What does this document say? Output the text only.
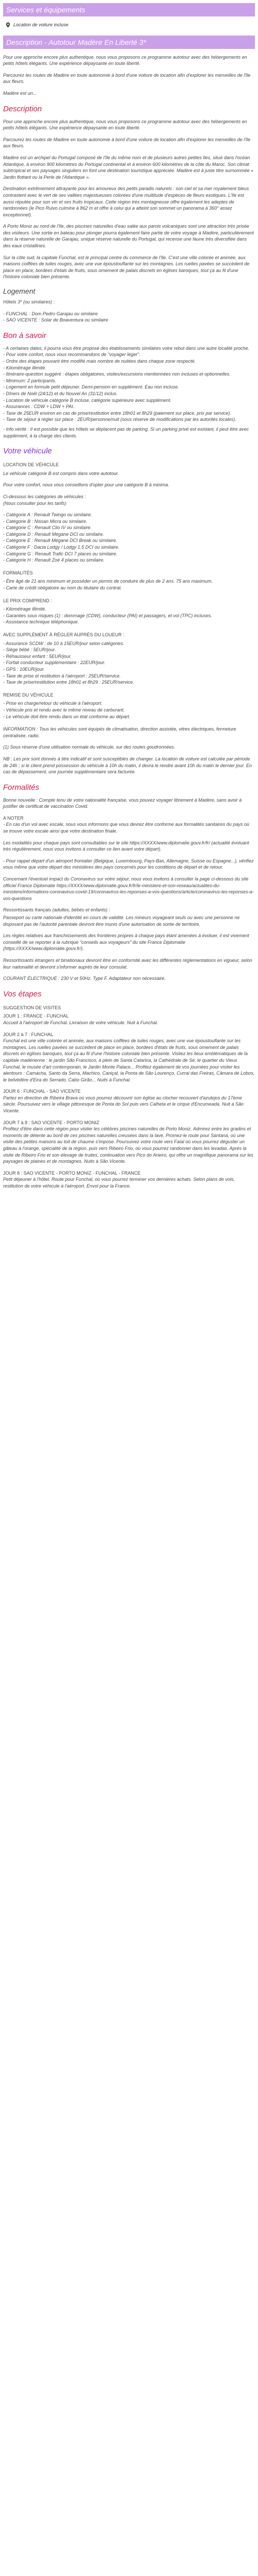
Services et équipements
Location de voiture incluse
Description - Autotour Madère En Liberté 3*

Pour une approche encore plus authentique, nous vous proposons ce programme autotour avec des hébergements en petits hôtels élégants. Une expérience dépaysante en toute liberté.

Parcourez les routes de Madère en toute autonomie à bord d'une voiture de location afin d'explorer les merveilles de l'île aux fleurs.

Madère est un...

Description

Pour une approche encore plus authentique, nous vous proposons ce programme autotour avec des hébergements en petits hôtels élégants. Une expérience dépaysante en toute liberté.

Parcourez les routes de Madère en toute autonomie à bord d'une voiture de location afin d'explorer les merveilles de l'île aux fleurs.

Madère est un archipel du Portugal composé de l'île du même nom et de plusieurs autres petites îles, situé dans l'océan Atlantique, à environ 900 kilomètres du Portugal continental et à environ 600 kilomètres de la côte du Maroc. Son climat subtropical et ses paysages singuliers en font une destination touristique appréciée. Madère est à juste titre surnommée « Jardin flottant ou la Perle de l'Atlantique ».

Destination extrêmement attrayante pour les amoureux des petits paradis naturels : son ciel et sa mer royalement bleus contrastent avec le vert de ses vallées majestueuses colorées d'une multitude d'espèces de fleurs exotiques. L'île est aussi réputée pour son vin et ses fruits tropicaux. Cette région très montagneuse offre également les adeptes de randonnées (le Pico Ruivo culmine à 862 m et offre à celui qui a atteint son sommet un panorama à 360° assez exceptionnel).

A Porto Moniz au nord de l'île, des piscines naturelles d'eau salée aux parois volcaniques sont une attraction très prisée des visiteurs. Une sortie en bateau pour plonger pourra également faire partie de votre voyage à Madère, particulièrement dans la réserve naturelle de Garajau, unique réserve naturelle du Portugal, qui recense une faune très diversifiée dans des eaux cristallines.

Sur la côte sud, la capitale Funchal, est le principal centre du commerce de l'île. C'est une ville colorée et animée, aux maisons coiffées de tuiles rouges, avec une vue époustouflante sur les montagnes. Les ruelles pavées se succèdent de place en place, bordées d'étals de fruits, sous ornement de palais discrets en églises baroques, tout ça au fil d'une l'histoire coloniale bien présente.

Logement

Hôtels 3* (ou similaires) :

- FUNCHAL : Dom Pedro Garajau ou similaire
- SAO VICENTE : Solar de Boaventura ou similaire
Bon à savoir
- A certaines dates, il pourra vous être proposé des établissements similaires votre rebut dans une autre localité proche.
- Pour votre confort, nous vous recommandons de "voyager léger".
- Ordre des étapes pouvant être modifié mais nombre de nuitées dans chaque zone respecté.
- Kilométrage illimité.
- Itinéraire-question suggéré : étapes obligatoires, visites/excursions mentionnées non incluses et optionnelles.
- Minimum: 2 participants.
- Logement en formule petit déjeuner. Demi-pension en supplément. Eau non incluse.
- Dîners de Noël (24/12) et du Nouvel An (31/12) inclus.
- Location de véhicule catégorie B incluse, catégorie supérieure avec supplément.
- Assurances : CDW + LDW + PAI.
- Taxe de 25EUR environ en cas de prise/restitution entre 18h01 et 8h29 (paiement sur place, prix par service).
- Taxe de séjour à régler sur place : 2EUR/personne/nuit (sous réserve de modifications par les autorités locales).
- Info vérité : Il est possible que les hôtels se déplacent pas de parking. Si un parking privé est existant, il peut être avec supplément, à la charge des clients.
Votre véhicule

LOCATION DE VÉHICULE

Le véhicule catégorie B est compris dans votre autotour.

Pour votre confort, nous vous conseillons d'opter pour une catégorie B à minima.

Ci-dessous les catégories de véhicules :

(Nous consulter pour les tarifs)

- Catégorie A : Renault Twingo ou similaire.
- Catégorie B : Nissan Micra ou similaire.
- Catégorie C : Renault Clio IV ou similaire.
- Catégorie D : Renault Mégane DCI ou similaire.
- Catégorie E : Renault Mégane DCI Break ou similaire.
- Catégorie F : Dacia Lodgy / Lodgy 1.5 DCI ou similaire.
- Catégorie G : Renault Trafic DCI 7 places ou similaire.
- Catégorie H : Renault Zoé 4 places ou similaire.

FORMALITÉS

- Être âgé de 21 ans minimum et posséder un permis de conduire de plus de 2 ans. 75 ans maximum.
- Carte de crédit obligatoire au nom du titulaire du contrat.

LE PRIX COMPREND :

- Kilométrage illimité.
- Garanties sous risques (1) : dommage (CDW), conducteur (PAI) et passagers, et vol (TPC) incluses.
- Assistance technique téléphonique.

AVEC SUPPLÉMENT À RÉGLER AUPRÈS DU LOUEUR :

- Assurance SCDW : de 10 à 15EUR/jour selon catégories.
- Siège bébé : 5EUR/jour.
- Réhausseur enfant : 5EUR/jour.
- Forfait conducteur supplémentaire : 22EUR/jour.
- GPS : 10EUR/jour.
- Taxe de prise et restitution à l'aéroport : 25EUR/service.
- Taxe de prise/restitution entre 18h01 et 8h29 : 25EUR/service.

REMISE DU VÉHICULE

- Prise en charge/retour du véhicule à l'aéroport.
- Véhicule pris et rendu avec le même niveau de carburant.
- Le véhicule doit être rendu dans un état conforme au départ.

INFORMATION : Tous les véhicules sont équipés de climatisation, direction assistée, vitres électriques, fermeture centralisée, radio.

(1) Sous réserve d'une utilisation normale du véhicule, sur des routes goudronnées.

NB : Les prix sont donnés à titre indicatif et sont susceptibles de changer. La location de voiture est calculée par période de 24h ; si le client prend possession du véhicule à 10h du matin, il devra le rendre avant 10h du matin le dernier jour. En cas de dépassement, une journée supplémentaire sera facturée.

Formalités

Bonne nouvelle : Compte tenu de votre nationalité française, vous pouvez voyager librement à Madère, sans avoir à justifier de certificat de vaccination Covid.

A NOTER

- En cas d'un vol avec escale, nous vous informons que vous devrez être conforme aux formalités sanitaires du pays où se trouve votre escale ainsi que votre destination finale.

Les modalités pour chaque pays sont consultables sur le site https://XXXX/www.diplomatie.gouv.fr/fr/ (actualité évoluant très régulièrement, nous vous invitons à consulter ce lien avant votre départ).

- Pour rappel départ d'un aéroport frontalier (Belgique, Luxembourg, Pays-Bas, Allemagne, Suisse ou Espagne...), vérifiez vous même que votre départ des ministères des pays concernés pour les conditions de départ et de retour.

Concernant l'éventuel impact du Coronavirus sur votre séjour, nous vous invitons à consulter la page ci-dessous du site officiel France Diplomatie https://XXXX/www.diplomatie.gouv.fr/fr/le-ministere-et-son-reseau/actualites-du-ministere/informations-coronavirus-covid-19/coronavirus-les-reponses-a-vos-questions/article/coronavirus-les-reponses-a-vos-questions

Ressortissants français (adultes, bébés et enfants) :

Passeport ou carte nationale d'identité en cours de validité. Les mineurs voyageant seuls ou avec une personne ne disposant pas de l'autorité parentale devront être munis d'une autorisation de sortie de territoire.

Les règles relatives aux franchissements des frontières propres à chaque pays étant amenées à évoluer, il est vivement conseillé de se reporter à la rubrique "conseils aux voyageurs" du site France Diplomatie (https://XXXX/www.diplomatie.gouv.fr/).

Ressortissants étrangers et binationaux devront être en conformité avec les différentes réglementations en vigueur, selon leur nationalité et devront s'informer auprès de leur consulat.

COURANT ÉLECTRIQUE : 230 V et 50Hz. Type F. Adaptateur non nécessaire.

Vos étapes

SUGGESTION DE VISITES

JOUR 1 : FRANCE - FUNCHAL
Accueil à l'aéroport de Funchal. Livraison de votre véhicule. Nuit à Funchal.
JOUR 2 à 7 : FUNCHAL
Funchal est une ville colorée et animée, aux maisons coiffées de tuiles rouges, avec une vue époustouflante sur les montagnes. Les ruelles pavées se succèdent de place en place, bordées d'étals de fruits, sous ornement de palais discrets en églises baroques, tout ça au fil d'une l'histoire coloniale bien présente. Visitez les lieux emblématiques de la capitale madérienne : le jardin São Francisco, à plein de Santa Catarina, la Cathédrale de Sé, le quartier du Vieux Funchal, le musée d'art contemporain, le Jardin Monte Palace... Profitez également de vos journées pour visiter les alentours : Camacha, Santo da Serra, Machico, Caniçal, la Ponta de São Lourenço, Curral das Freiras, Câmara de Lobos, le belvédère d'Eira do Serrado, Cabo Girão... Nuits à Funchal.
JOUR 6 : FUNCHAL - SAO VICENTE
Partez en direction de Ribeira Brava où vous pourrez découvrir son église au clocher recouvert d'azulejos du 17ème siècle. Poursuivez vers le village pittoresque de Ponta do Sol puis vers Calheta et le cirque d'Encumeada. Nuit à São Vicente.
JOUR 7 à 8 : SAO VICENTE - PORTO MONIZ
Profitez d'être dans cette région pour visiter les célèbres piscines naturelles de Porto Moniz. Admirez entre les gradins et moments de détente au bord de ces piscines naturelles creusées dans la lave. Promez-le route pour Santana, où une visite des petites maisons au toit de chaume s'impose. Poursuivez votre route vers Faial où vous pourrez déguster un gâteau à l'orange, spécialité de la région, puis vers Ribeiro Frio, où vous pourrez randonner dans les levadas. Après la visite de Ribeiro Frio et son élevage de truites, continuation vers Pico do Arieiro, qui offre un magnifique panorama sur les paysages de plaines et de montagnes. Nuits à São Vicente.
JOUR 8 : SAO VICENTE - PORTO MONIZ - FUNCHAL - FRANCE
Petit déjeuner à l'hôtel. Route pour Funchal, où vous pourrez terminer vos dernières achats. Selon plans de vols, restitution de votre véhicule à l'aéroport. Envol pour la France.
